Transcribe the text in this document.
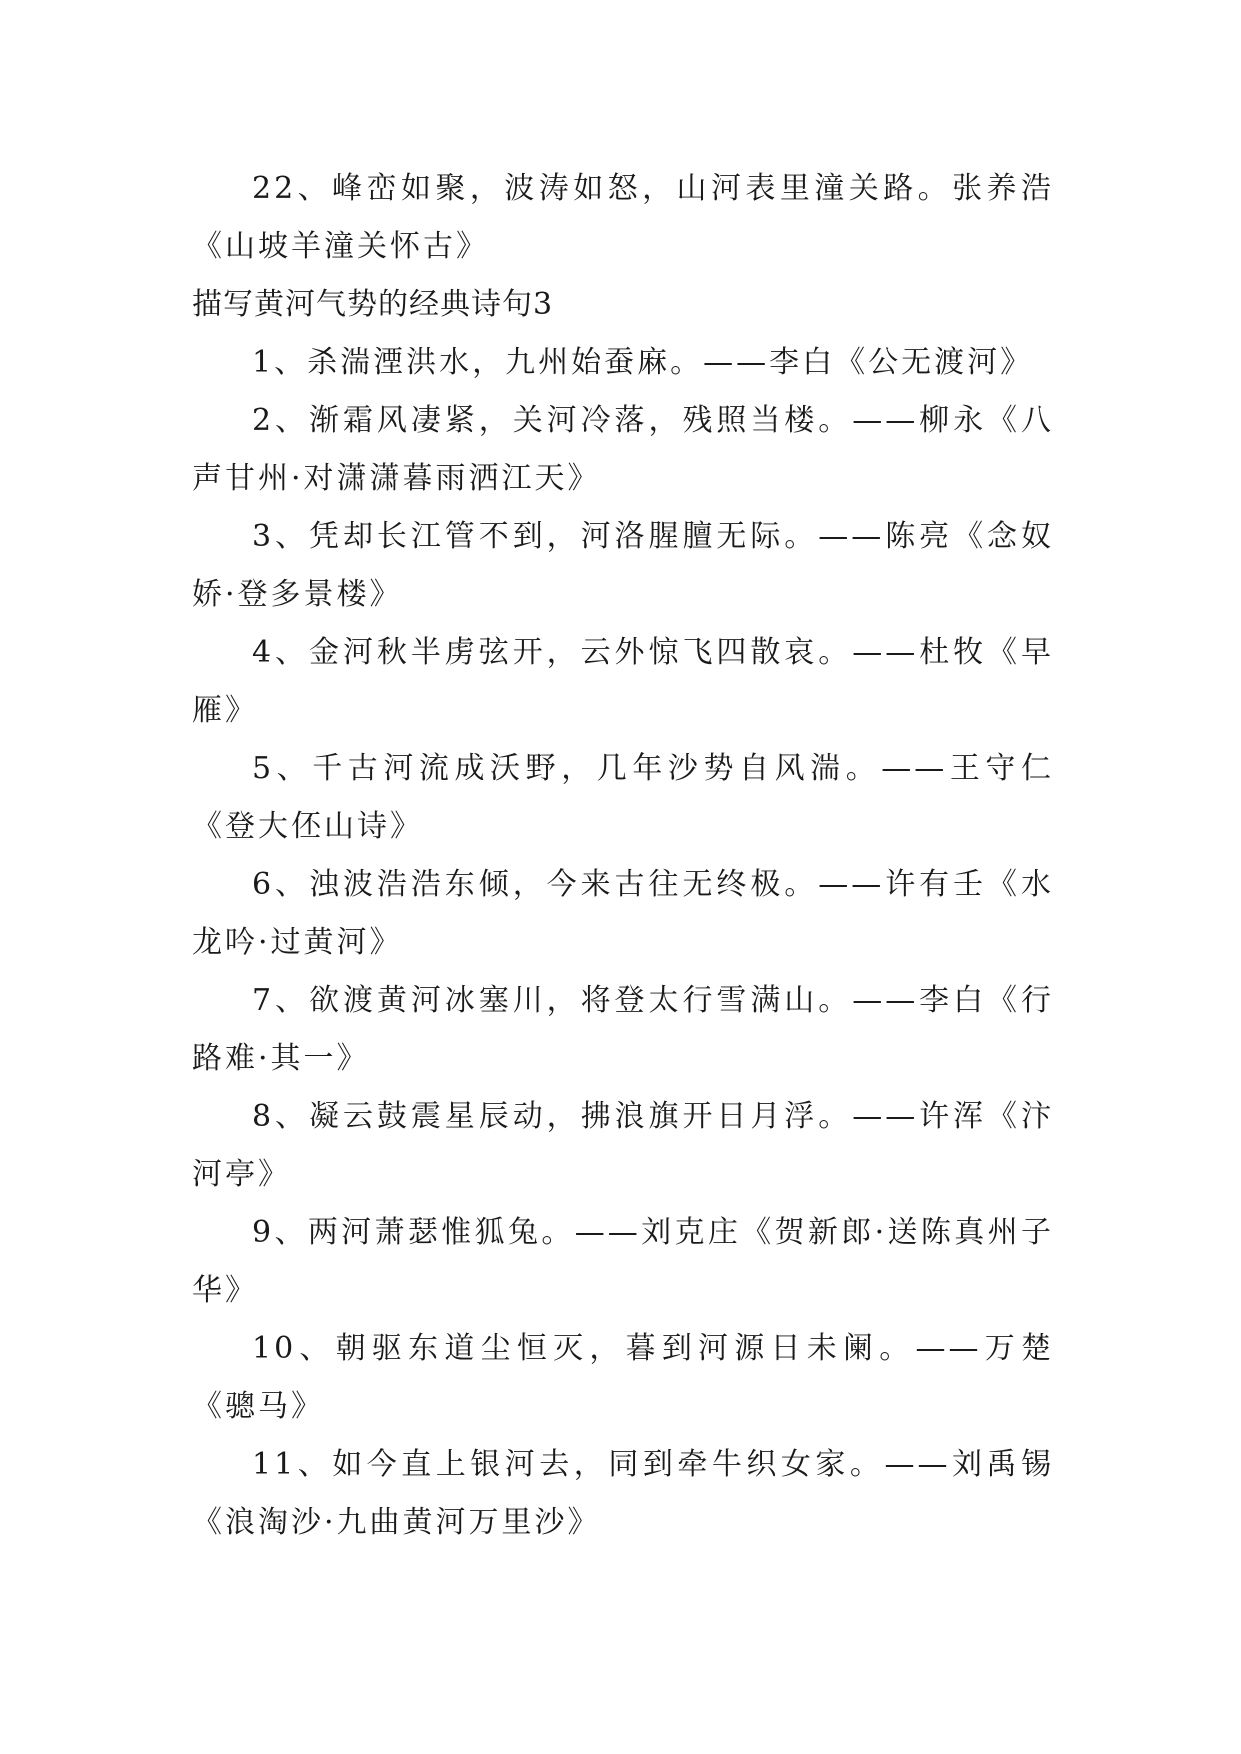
22、峰峦如聚，波涛如怒，山河表里潼关路。张养浩《山坡羊潼关怀古》

描写黄河气势的经典诗句3

1、杀湍湮洪水，九州始蚕麻。——李白《公无渡河》

2、渐霜风凄紧，关河冷落，残照当楼。——柳永《八声甘州·对潇潇暮雨洒江天》

3、凭却长江管不到，河洛腥膻无际。——陈亮《念奴娇·登多景楼》

4、金河秋半虏弦开，云外惊飞四散哀。——杜牧《早雁》

5、千古河流成沃野，几年沙势自风湍。——王守仁《登大伾山诗》

6、浊波浩浩东倾，今来古往无终极。——许有壬《水龙吟·过黄河》

7、欲渡黄河冰塞川，将登太行雪满山。——李白《行路难·其一》

8、凝云鼓震星辰动，拂浪旗开日月浮。——许浑《汴河亭》

9、两河萧瑟惟狐兔。——刘克庄《贺新郎·送陈真州子华》

10、朝驱东道尘恒灭，暮到河源日未阑。——万楚《骢马》

11、如今直上银河去，同到牵牛织女家。——刘禹锡《浪淘沙·九曲黄河万里沙》
